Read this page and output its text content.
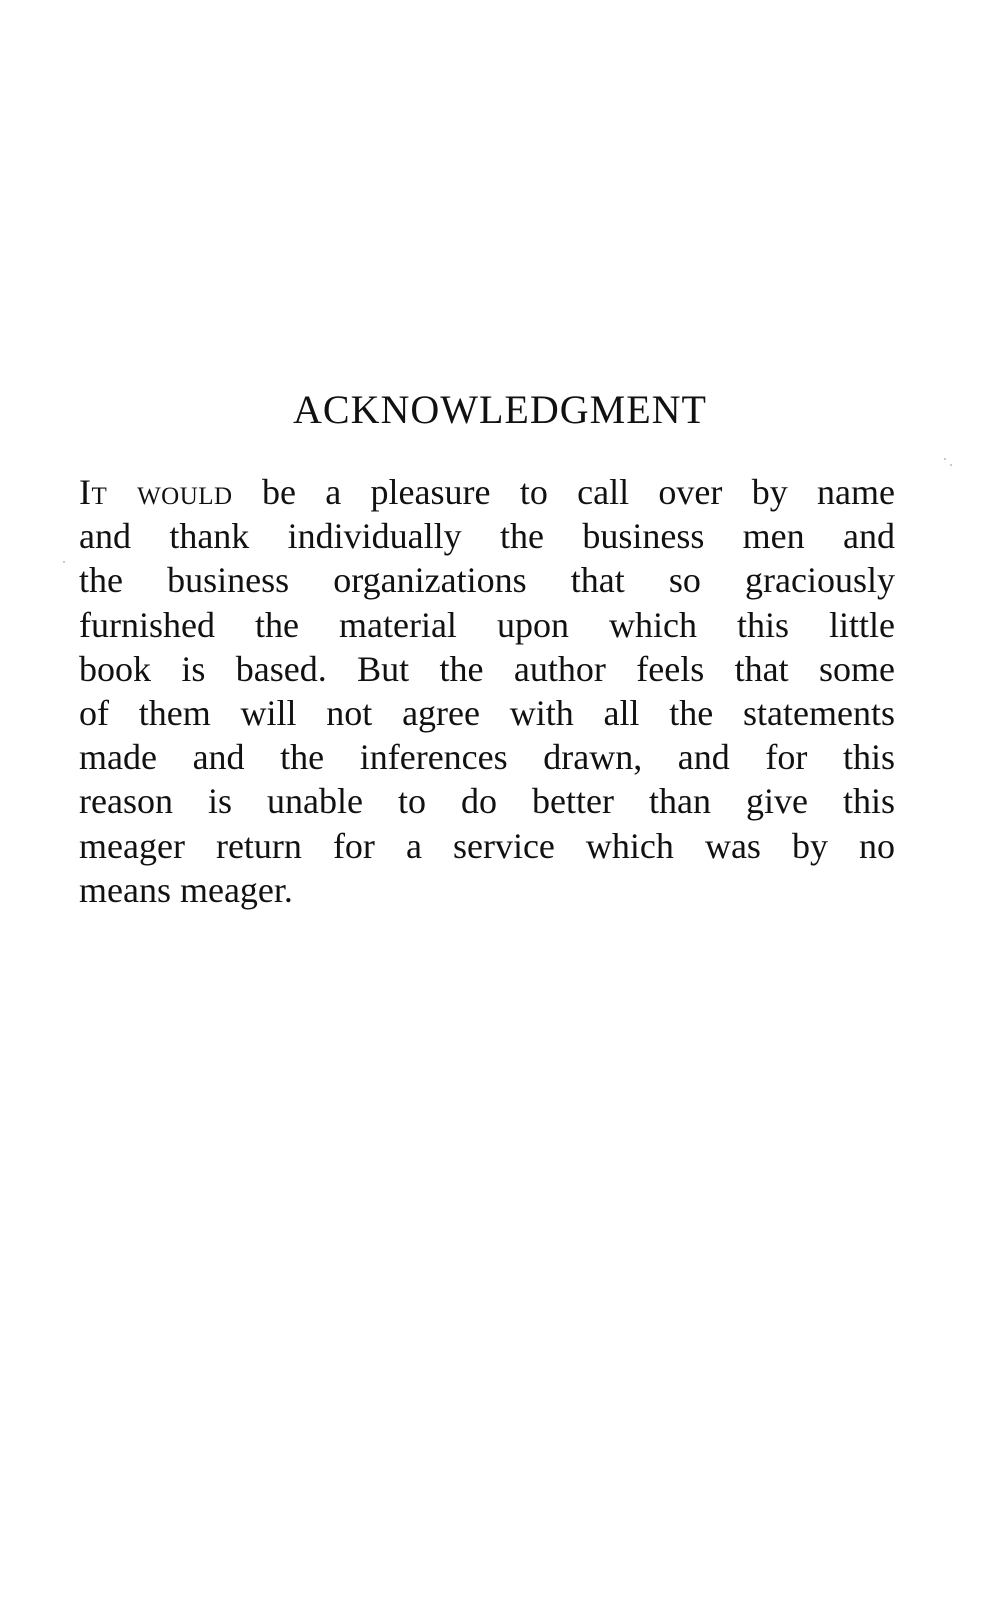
ACKNOWLEDGMENT
It would be a pleasure to call over by name
and thank individually the business men and
the business organizations that so graciously
furnished the material upon which this little
book is based. But the author feels that some
of them will not agree with all the statements
made and the inferences drawn, and for this
reason is unable to do better than give this
meager return for a service which was by no
means meager.
